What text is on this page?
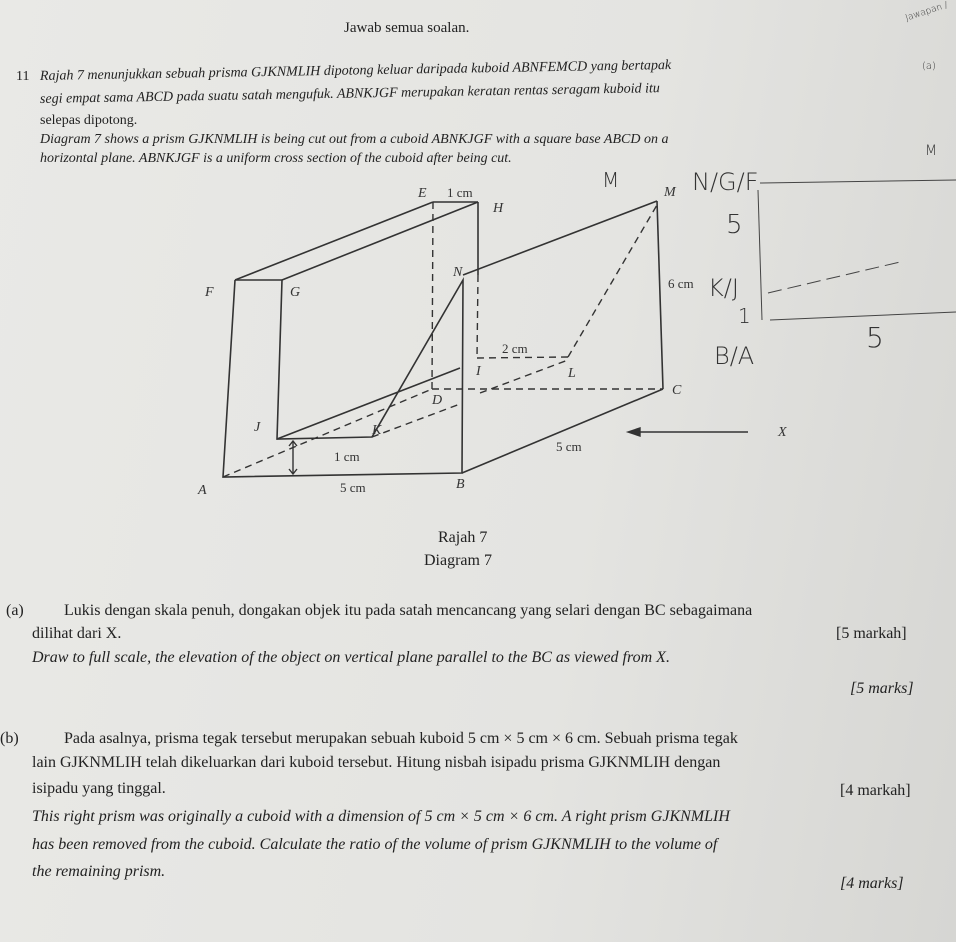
Jawab semua soalan.
Jawapan /
(a)
11 Rajah 7 menunjukkan sebuah prisma GJKNMLIH dipotong keluar daripada kuboid ABNFEMCD yang bertapak
segi empat sama ABCD pada suatu satah mengufuk. ABNKJGF merupakan keratan rentas seragam kuboid itu
selepas dipotong.
Diagram 7 shows a prism GJKNMLIH is being cut out from a cuboid ABNKJGF with a square base ABCD on a
horizontal plane. ABNKJGF is a uniform cross section of the cuboid after being cut.
E
H
M
N
F	G
I	L
C
D
J	K
A	B
X
1 cm
6 cm
2 cm
1 cm
5 cm
5 cm
M	N/G/F
5
K/J
1
5
B/A
M
Rajah 7
Diagram 7
(a)	Lukis dengan skala penuh, dongakan objek itu pada satah mencancang yang selari dengan BC sebagaimana
dilihat dari X.	[5 markah]
Draw to full scale, the elevation of the object on vertical plane parallel to the BC as viewed from X.
[5 marks]
(b)	Pada asalnya, prisma tegak tersebut merupakan sebuah kuboid 5 cm × 5 cm × 6 cm. Sebuah prisma tegak
lain GJKNMLIH telah dikeluarkan dari kuboid tersebut. Hitung nisbah isipadu prisma GJKNMLIH dengan
isipadu yang tinggal.	[4 markah]
This right prism was originally a cuboid with a dimension of 5 cm × 5 cm × 6 cm. A right prism GJKNMLIH
has been removed from the cuboid. Calculate the ratio of the volume of prism GJKNMLIH to the volume of
the remaining prism.
[4 marks]
